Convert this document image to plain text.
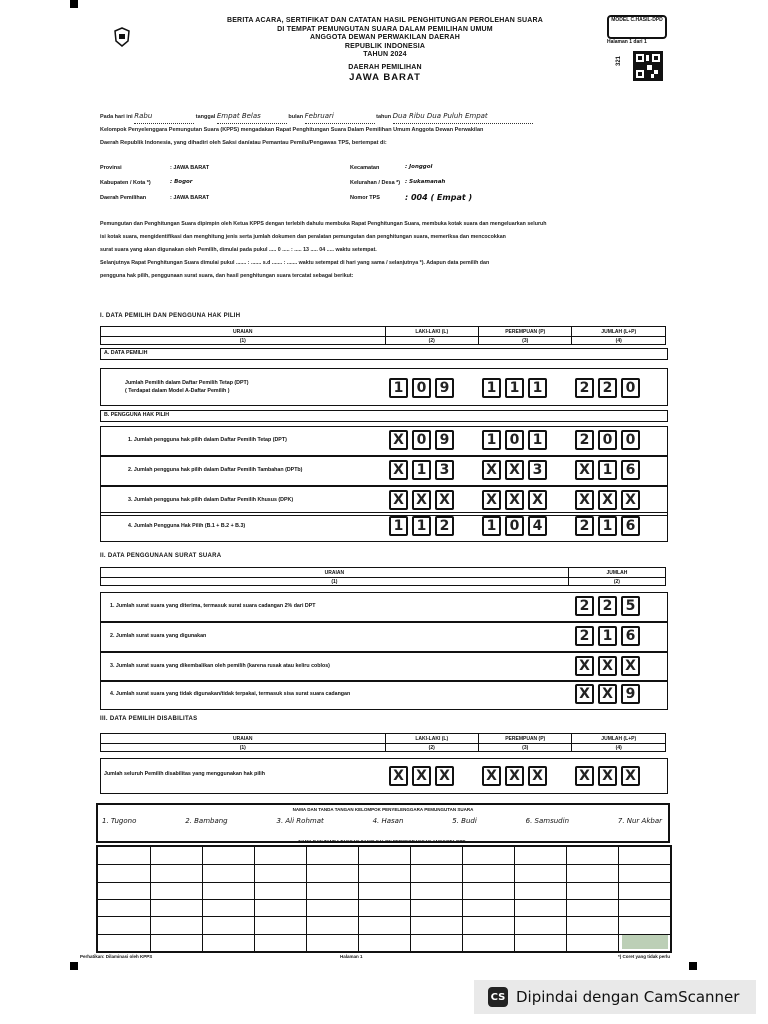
BERITA ACARA, SERTIFIKAT DAN CATATAN HASIL PENGHITUNGAN PEROLEHAN SUARA
DI TEMPAT PEMUNGUTAN SUARA DALAM PEMILIHAN UMUM
ANGGOTA DEWAN PERWAKILAN DAERAH
REPUBLIK INDONESIA
TAHUN 2024
DAERAH PEMILIHAN
JAWA BARAT
MODEL C.HASIL-DPD
Halaman 1 dari 1
321
Pada hari ini Rabu	tanggal Empat Belas	bulan Februari	tahun Dua Ribu Dua Puluh Empat
Kelompok Penyelenggara Pemungutan Suara (KPPS) mengadakan Rapat Penghitungan Suara Dalam Pemilihan Umum Anggota Dewan Perwakilan
Daerah Republik Indonesia, yang dihadiri oleh Saksi dan/atau Pemantau Pemilu/Pengawas TPS, bertempat di:
Provinsi	: JAWA BARAT
Kabupaten / Kota *)	: Bogor
Daerah Pemilihan	: JAWA BARAT
Kecamatan	: Jonggol
Kelurahan / Desa *) : Sukamanah
Nomor TPS	: 004 ( Empat )
Pemungutan dan Penghitungan Suara dipimpin oleh Ketua KPPS dengan terlebih dahulu membuka Rapat Penghitungan Suara, membuka kotak suara dan mengeluarkan seluruh
isi kotak suara, mengidentifikasi dan menghitung jenis serta jumlah dokumen dan peralatan pemungutan dan penghitungan suara, memeriksa dan mencocokkan
surat suara yang akan digunakan oleh Pemilih, dimulai pada pukul ..... 0 ..... : ..... 13 ..... 04 ..... waktu setempat.
Selanjutnya Rapat Penghitungan Suara dimulai pukul ....... : ....... s.d ....... : ....... waktu setempat di hari yang sama / selanjutnya *). Adapun data pemilih dan
pengguna hak pilih, penggunaan surat suara, dan hasil penghitungan suara tercatat sebagai berikut:
I. DATA PEMILIH DAN PENGGUNA HAK PILIH
URAIAN	LAKI-LAKI (L)	PEREMPUAN (P)	JUMLAH (L+P)
(1)	(2)	(3)	(4)
A. DATA PEMILIH
Jumlah Pemilih dalam Daftar Pemilih Tetap (DPT)
( Terdapat dalam Model A-Daftar Pemilih )	1 0 9	1 1 1	2 2 0
B. PENGGUNA HAK PILIH
1. Jumlah pengguna hak pilih dalam Daftar Pemilih Tetap (DPT)	X 0 9	1 0 1	2 0 0
2. Jumlah pengguna hak pilih dalam Daftar Pemilih Tambahan (DPTb)	X 1 3	X X 3	X 1 6
3. Jumlah pengguna hak pilih dalam Daftar Pemilih Khusus (DPK)	X X X	X X X	X X X
4. Jumlah Pengguna Hak Pilih (B.1 + B.2 + B.3)	1 1 2	1 0 4	2 1 6
II. DATA PENGGUNAAN SURAT SUARA
URAIAN	JUMLAH
(1)	(2)
1. Jumlah surat suara yang diterima, termasuk surat suara cadangan 2% dari DPT	2 2 5
2. Jumlah surat suara yang digunakan	2 1 6
3. Jumlah surat suara yang dikembalikan oleh pemilih (karena rusak atau keliru coblos)	X X X
4. Jumlah surat suara yang tidak digunakan/tidak terpakai, termasuk sisa surat suara cadangan	X X 9
III. DATA PEMILIH DISABILITAS
URAIAN	LAKI-LAKI (L)	PEREMPUAN (P)	JUMLAH (L+P)
(1)	(2)	(3)	(4)
Jumlah seluruh Pemilih disabilitas yang menggunakan hak pilih	X X X	X X X	X X X
NAMA DAN TANDA TANGAN KELOMPOK PENYELENGGARA PEMUNGUTAN SUARA
1. Tugono	2. Bambang	3. Ali Rohmat	4. Hasan	5. Budi	6. Samsudin	7. Nur Akbar
NAMA DAN TANDA TANGAN SAKSI CALON PERSEORANGAN ANGGOTA DPD
Perhatikan: Dilaminasi oleh KPPS	Halaman 1	*) Coret yang tidak perlu
CS Dipindai dengan CamScanner
